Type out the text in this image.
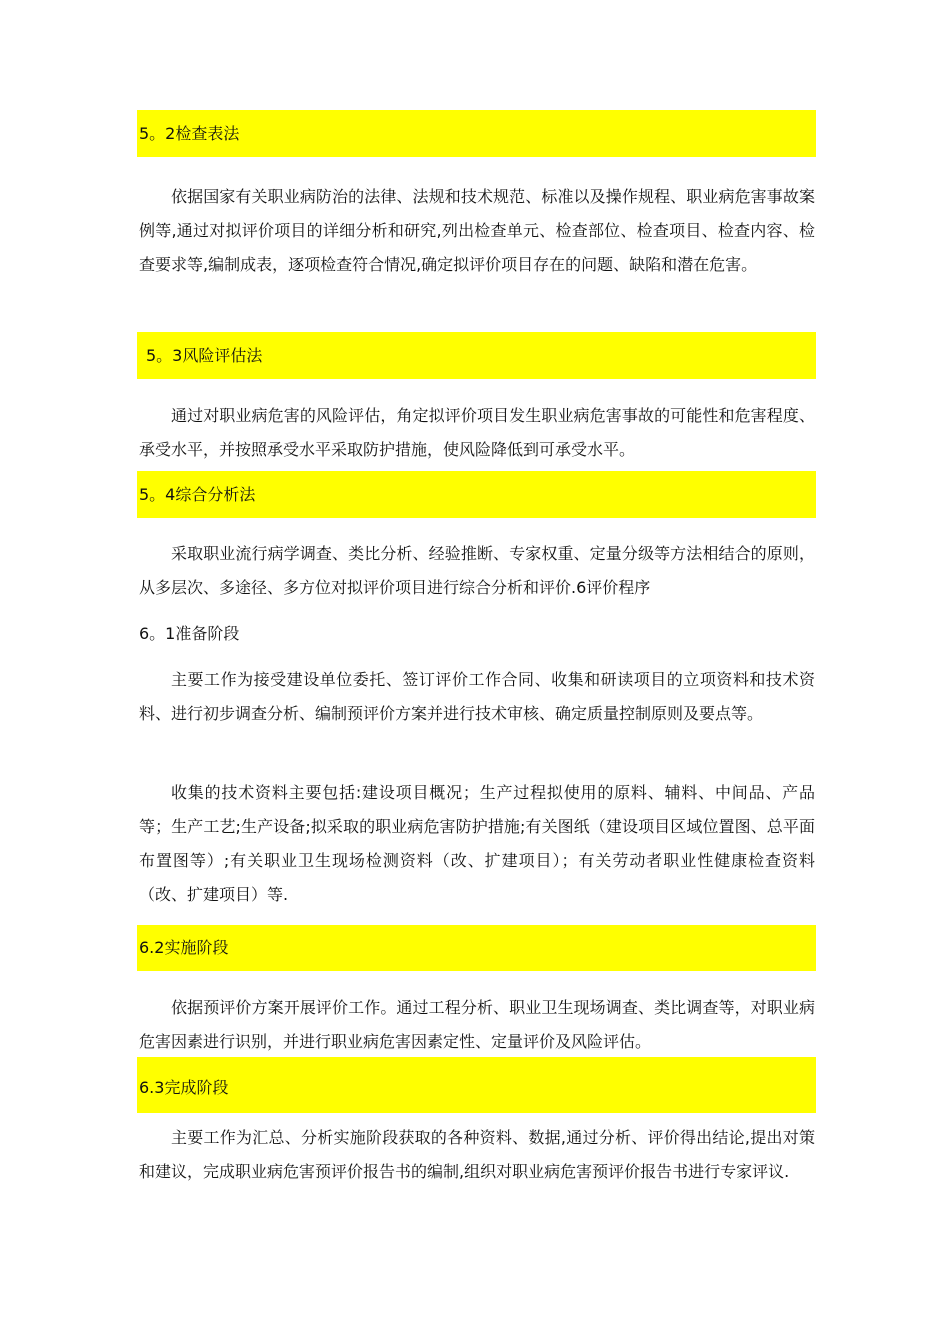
5。2检查表法

依据国家有关职业病防治的法律、法规和技术规范、标准以及操作规程、职业病危害事故案例等,通过对拟评价项目的详细分析和研究,列出检查单元、检查部位、检查项目、检查内容、检查要求等,编制成表，逐项检查符合情况,确定拟评价项目存在的问题、缺陷和潜在危害。

5。3风险评估法

通过对职业病危害的风险评估，角定拟评价项目发生职业病危害事故的可能性和危害程度、承受水平，并按照承受水平采取防护措施，使风险降低到可承受水平。

5。4综合分析法

采取职业流行病学调查、类比分析、经验推断、专家权重、定量分级等方法相结合的原则，从多层次、多途径、多方位对拟评价项目进行综合分析和评价.6评价程序

6。1准备阶段

主要工作为接受建设单位委托、签订评价工作合同、收集和研读项目的立项资料和技术资料、进行初步调查分析、编制预评价方案并进行技术审核、确定质量控制原则及要点等。

收集的技术资料主要包括:建设项目概况；生产过程拟使用的原料、辅料、中间品、产品等；生产工艺;生产设备;拟采取的职业病危害防护措施;有关图纸（建设项目区域位置图、总平面布置图等）;有关职业卫生现场检测资料（改、扩建项目）；有关劳动者职业性健康检查资料（改、扩建项目）等.

6.2实施阶段

依据预评价方案开展评价工作。通过工程分析、职业卫生现场调查、类比调查等，对职业病危害因素进行识别，并进行职业病危害因素定性、定量评价及风险评估。

6.3完成阶段

主要工作为汇总、分析实施阶段获取的各种资料、数据,通过分析、评价得出结论,提出对策和建议，完成职业病危害预评价报告书的编制,组织对职业病危害预评价报告书进行专家评议.
